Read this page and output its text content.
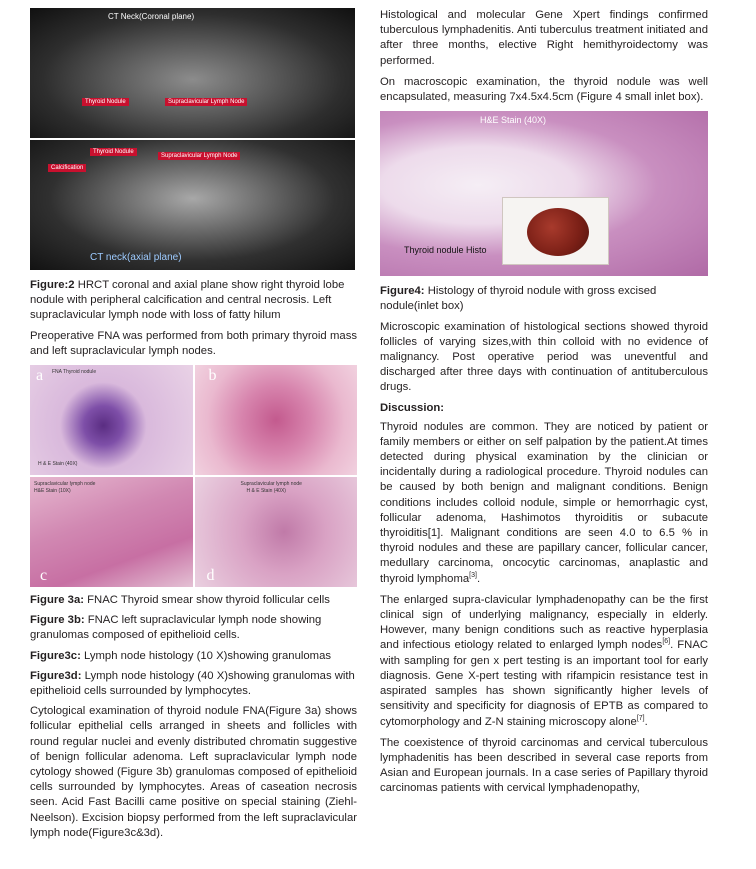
CT Neck(Coronal plane)
Thyroid Nodule	Supraclavicular Lymph Node
Thyroid Nodule
Supraclavicular Lymph Node
Calcification
CT neck(axial plane)
Figure:2 HRCT coronal and axial plane show right thyroid lobe nodule with peripheral calcification and central necrosis. Left supraclavicular lymph node with loss of fatty hilum

Preoperative FNA was performed from both primary thyroid mass and left supraclavicular lymph nodes.

a FNA Thyroid nodule
H & E Stain (40X)
b
Supraclavicular lymph node
H&E Stain (10X)
c
Supraclavicular lymph node
H & E Stain (40X)
d
Figure 3a: FNAC Thyroid smear show thyroid follicular cells
Figure 3b: FNAC left supraclavicular lymph node showing granulomas composed of epithelioid cells.
Figure3c: Lymph node histology (10 X)showing granulomas
Figure3d: Lymph node histology (40 X)showing granulomas with epithelioid cells surrounded by lymphocytes.

Cytological examination of thyroid nodule FNA(Figure 3a) shows follicular epithelial cells arranged in sheets and follicles with round regular nuclei and evenly distributed chromatin suggestive of benign follicular adenoma. Left supraclavicular lymph node cytology showed (Figure 3b) granulomas composed of epithelioid cells surrounded by lymphocytes. Areas of caseation necrosis seen. Acid Fast Bacilli came positive on special staining (Ziehl-Neelson). Excision biopsy performed from the left supraclavicular lymph node(Figure3c&3d).

Histological and molecular Gene Xpert findings confirmed tuberculous lymphadenitis. Anti tuberculus treatment initiated and after three months, elective Right hemithyroidectomy was performed.

On macroscopic examination, the thyroid nodule was well encapsulated, measuring 7x4.5x4.5cm (Figure 4 small inlet box).

H&E Stain (40X)
Thyroid nodule Histo
Figure4: Histology of thyroid nodule with gross excised nodule(inlet box)

Microscopic examination of histological sections showed thyroid follicles of varying sizes,with thin colloid with no evidence of malignancy. Post operative period was uneventful and discharged after three days with continuation of antituberculous drugs.

Discussion:

Thyroid nodules are common. They are noticed by patient or family members or either on self palpation by the patient.At times detected during physical examination by the clinician or incidentally during a radiological procedure. Thyroid nodules can be caused by both benign and malignant conditions. Benign conditions includes colloid nodule, simple or hemorrhagic cyst, follicular adenoma, Hashimotos thyroiditis or subacute thyroiditis[1]. Malignant conditions are seen 4.0 to 6.5 % in thyroid nodules and these are papillary cancer, follicular cancer, medullary carcinoma, oncocytic carcinomas, anaplastic and thyroid lymphoma[3].

The enlarged supra-clavicular lymphadenopathy can be the first clinical sign of underlying malignancy, especially in elderly. However, many benign conditions such as reactive hyperplasia and infectious etiology related to enlarged lymph nodes[6]. FNAC with sampling for gen x pert testing is an important tool for early diagnosis. Gene X-pert testing with rifampicin resistance test in aspirated samples has shown significantly higher levels of sensitivity and specificity for diagnosis of EPTB as compared to cytomorphology and Z-N staining microscopy alone[7].

The coexistence of thyroid carcinomas and cervical tuberculous lymphadenitis has been described in several case reports from Asian and European journals. In a case series of Papillary thyroid carcinomas patients with cervical lymphadenopathy,
